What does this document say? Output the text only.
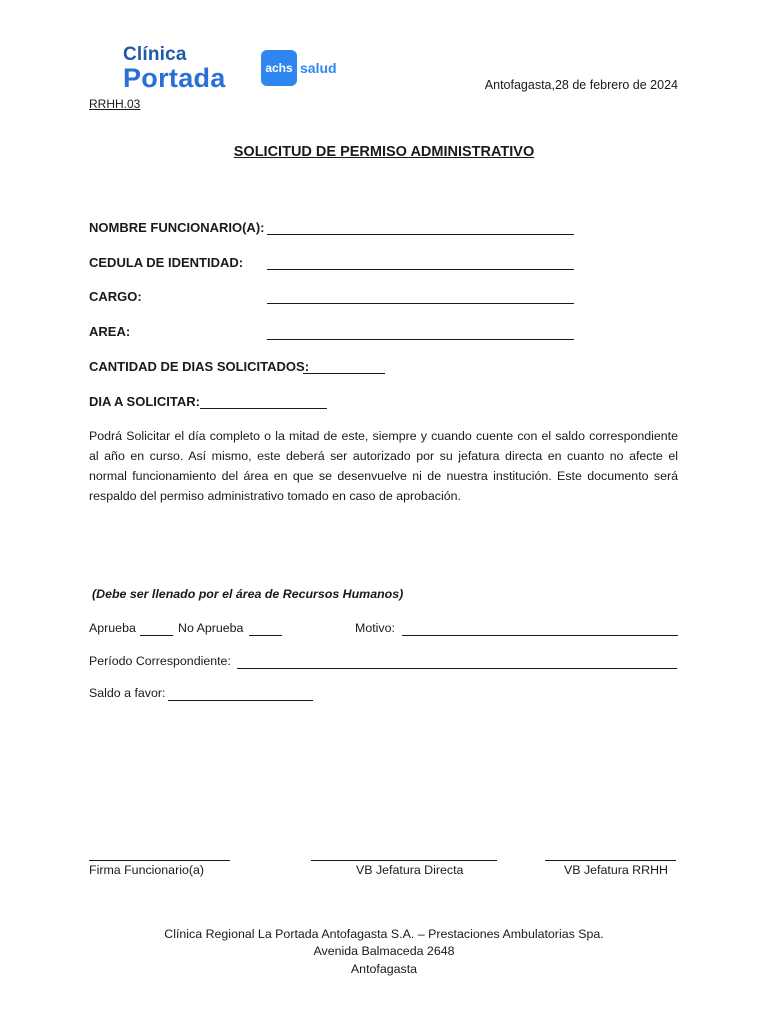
Clínica
Portada	achs salud
Antofagasta,28 de febrero de 2024
RRHH.03
SOLICITUD DE PERMISO ADMINISTRATIVO
NOMBRE FUNCIONARIO(A):
CEDULA DE IDENTIDAD:
CARGO:
AREA:
CANTIDAD DE DIAS SOLICITADOS:
DIA A SOLICITAR:
Podrá Solicitar el día completo o la mitad de este, siempre y cuando cuente con el saldo correspondiente al año en curso. Así mismo, este deberá ser autorizado por su jefatura directa en cuanto no afecte el normal funcionamiento del área en que se desenvuelve ni de nuestra institución. Este documento será respaldo del permiso administrativo tomado en caso de aprobación.
(Debe ser llenado por el área de Recursos Humanos)
Aprueba	No Aprueba	Motivo:
Período Correspondiente:
Saldo a favor:
Firma Funcionario(a)	VB Jefatura Directa	VB Jefatura RRHH
Clínica Regional La Portada Antofagasta S.A. – Prestaciones Ambulatorias Spa.
Avenida Balmaceda 2648
Antofagasta
